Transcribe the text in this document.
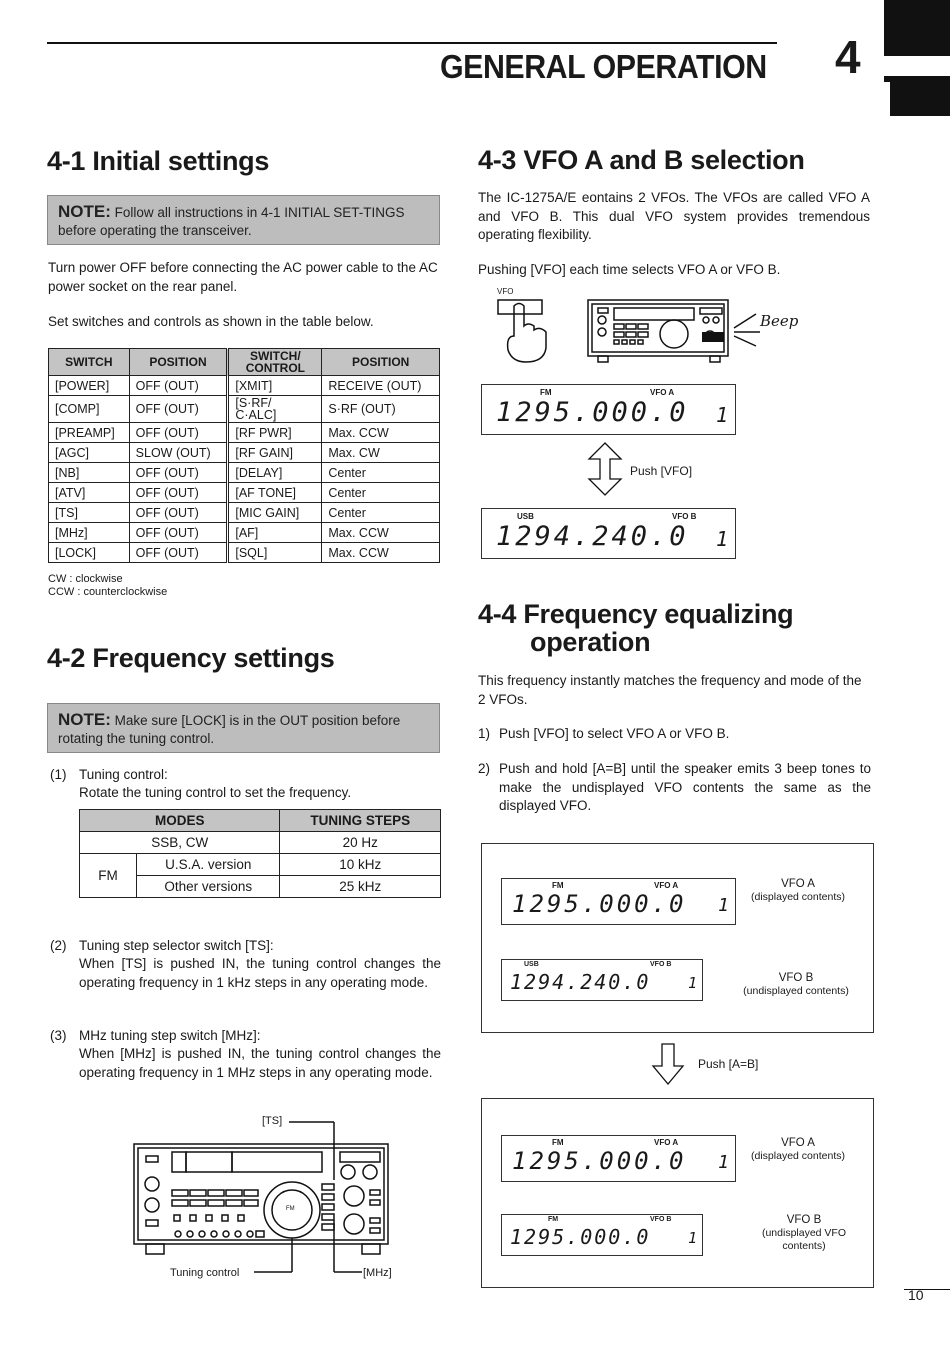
GENERAL OPERATION 4
4-1 Initial settings
NOTE: Follow all instructions in 4-1 INITIAL SET-TINGS before operating the transceiver.
Turn power OFF before connecting the AC power cable to the AC power socket on the rear panel.
Set switches and controls as shown in the table below.
SWITCH	POSITION	SWITCH/ CONTROL	POSITION
[POWER]	OFF (OUT)	[XMIT]	RECEIVE (OUT)
[COMP]	OFF (OUT)	[S·RF/ C·ALC]	S·RF (OUT)
[PREAMP]	OFF (OUT)	[RF PWR]	Max. CCW
[AGC]	SLOW (OUT)	[RF GAIN]	Max. CW
[NB]	OFF (OUT)	[DELAY]	Center
[ATV]	OFF (OUT)	[AF TONE]	Center
[TS]	OFF (OUT)	[MIC GAIN]	Center
[MHz]	OFF (OUT)	[AF]	Max. CCW
[LOCK]	OFF (OUT)	[SQL]	Max. CCW
CW : clockwise
CCW : counterclockwise
4-2 Frequency settings
NOTE: Make sure [LOCK] is in the OUT position before rotating the tuning control.
(1) Tuning control:
Rotate the tuning control to set the frequency.
MODES		TUNING STEPS
SSB, CW		20 Hz
FM	U.S.A. version	10 kHz
	Other versions	25 kHz
(2) Tuning step selector switch [TS]:
When [TS] is pushed IN, the tuning control changes the operating frequency in 1 kHz steps in any operating mode.
(3) MHz tuning step switch [MHz]:
When [MHz] is pushed IN, the tuning control changes the operating frequency in 1 MHz steps in any operating mode.
[TS]
FM
Tuning control	[MHz]
4-3 VFO A and B selection
The IC-1275A/E eontains 2 VFOs. The VFOs are called VFO A and VFO B. This dual VFO system provides tremendous operating flexibility.
Pushing [VFO] each time selects VFO A or VFO B.
VFO
Beep
FM	VFO A
1295.000.0 1
Push [VFO]
USB	VFO B
1294.240.0 1
4-4 Frequency equalizing
operation
This frequency instantly matches the frequency and mode of the 2 VFOs.
1) Push [VFO] to select VFO A or VFO B.
2) Push and hold [A=B] until the speaker emits 3 beep tones to make the undisplayed VFO contents the same as the displayed VFO.
FM	VFO A
1295.000.0 1
VFO A
(displayed contents)
USB	VFO B
1294.240.0	1	VFO B
(undisplayed contents)
Push [A=B]
FM	VFO A
1295.000.0 1
VFO A
(displayed contents)
FM	VFO B
1295.000.0	1
VFO B
(undisplayed VFO contents)
10
